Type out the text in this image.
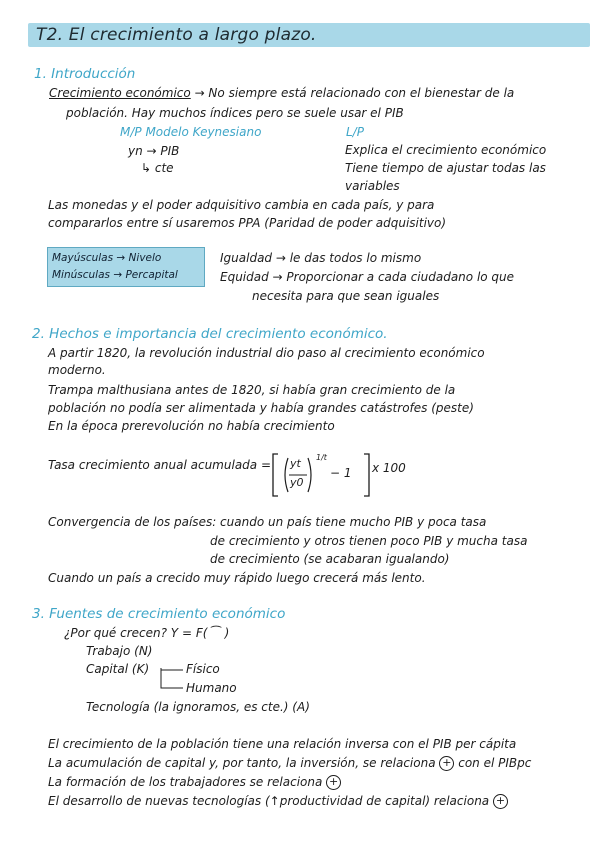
T2. El crecimiento a largo plazo.
1. Introducción
Crecimiento económico → No siempre está relacionado con el bienestar de la
población. Hay muchos índices pero se suele usar el PIB
M/P Modelo Keynesiano	L/P
yn → PIB
↳ cte
Explica el crecimiento económico
Tiene tiempo de ajustar todas las
variables
Las monedas y el poder adquisitivo cambia en cada país, y para
compararlos entre sí usaremos PPA (Paridad de poder adquisitivo)
Mayúsculas → Nivelo
Minúsculas → Percapital
Igualdad → le das todos lo mismo
Equidad → Proporcionar a cada ciudadano lo que
necesita para que sean iguales
2. Hechos e importancia del crecimiento económico.
A partir 1820, la revolución industrial dio paso al crecimiento económico
moderno.
Trampa malthusiana antes de 1820, si había gran crecimiento de la
población no podía ser alimentada y había grandes catástrofes (peste)
En la época prerevolución no había crecimiento
Tasa crecimiento anual acumulada = yt
y0
1/t
− 1 x 100
Convergencia de los países: cuando un país tiene mucho PIB y poca tasa
de crecimiento y otros tienen poco PIB y mucha tasa
de crecimiento (se acabaran igualando)
Cuando un país a crecido muy rápido luego crecerá más lento.
3. Fuentes de crecimiento económico
¿Por qué crecen? Y = F( ⁀ )
Trabajo (N)
Capital (K)	Físico
Humano
Tecnología (la ignoramos, es cte.) (A)
El crecimiento de la población tiene una relación inversa con el PIB per cápita
La acumulación de capital y, por tanto, la inversión, se relaciona + con el PIBpc
La formación de los trabajadores se relaciona +
El desarrollo de nuevas tecnologías (↑productividad de capital) relaciona +
